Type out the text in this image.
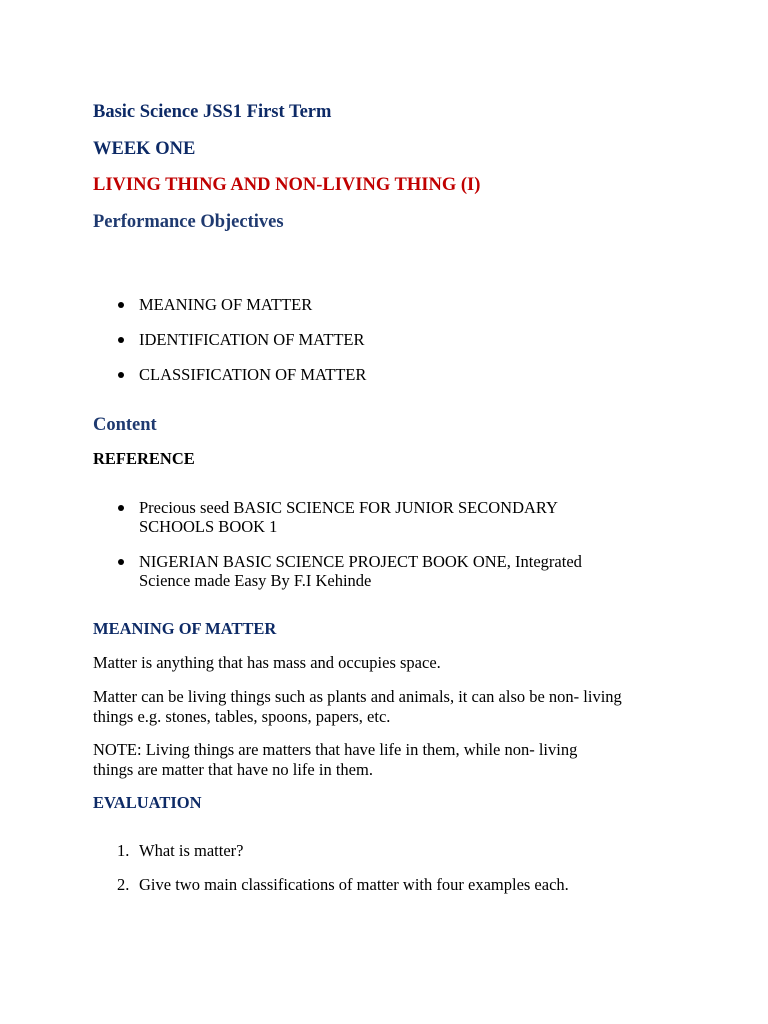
Basic Science JSS1 First Term
WEEK ONE
LIVING THING AND NON-LIVING THING (I)
Performance Objectives

MEANING OF MATTER

IDENTIFICATION OF MATTER

CLASSIFICATION OF MATTER

Content
REFERENCE

Precious seed BASIC SCIENCE FOR JUNIOR SECONDARY

SCHOOLS BOOK 1

NIGERIAN BASIC SCIENCE PROJECT BOOK ONE, Integrated

Science made Easy By F.I Kehinde

MEANING OF MATTER

Matter is anything that has mass and occupies space.

Matter can be living things such as plants and animals, it can also be non- living

things e.g. stones, tables, spoons, papers, etc.

NOTE: Living things are matters that have life in them, while non- living

things are matter that have no life in them.

EVALUATION
1. What is matter?

2. Give two main classifications of matter with four examples each.
